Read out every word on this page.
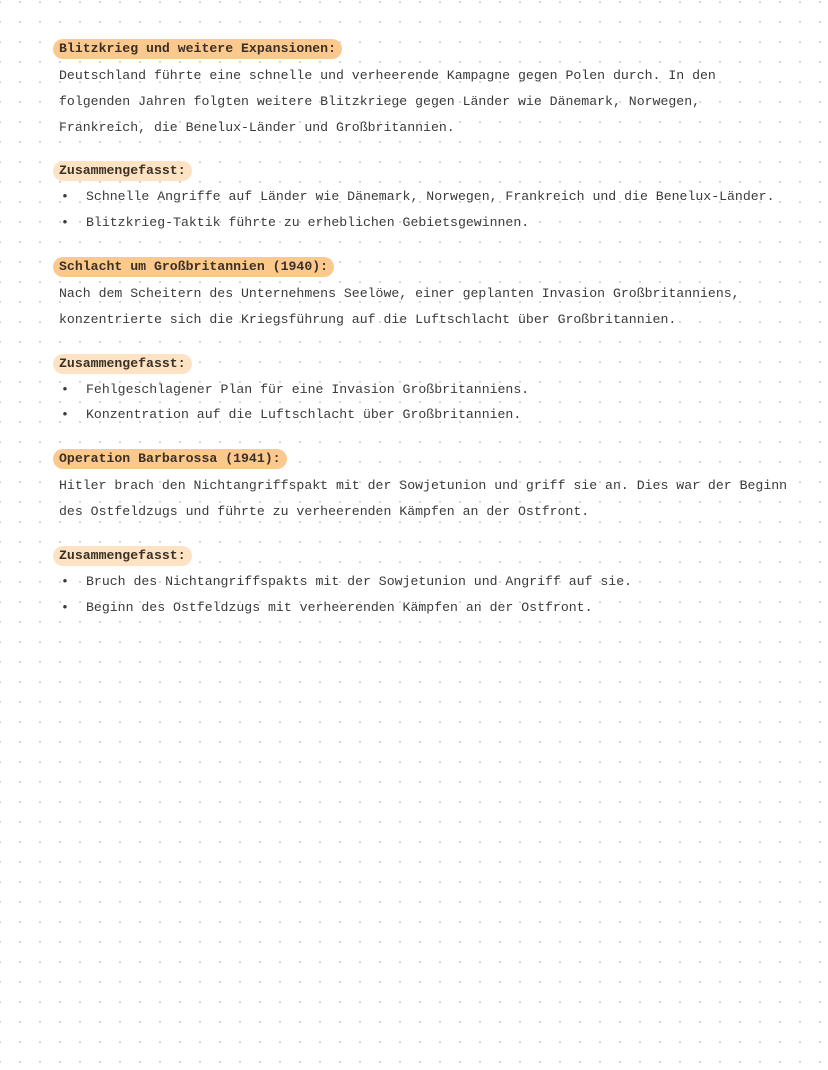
Blitzkrieg und weitere Expansionen:

Deutschland führte eine schnelle und verheerende Kampagne gegen Polen durch. In den folgenden Jahren folgten weitere Blitzkriege gegen Länder wie Dänemark, Norwegen, Frankreich, die Benelux-Länder und Großbritannien.

Zusammengefasst:
• Schnelle Angriffe auf Länder wie Dänemark, Norwegen, Frankreich und die Benelux-Länder.
• Blitzkrieg-Taktik führte zu erheblichen Gebietsgewinnen.
Schlacht um Großbritannien (1940):

Nach dem Scheitern des Unternehmens Seelöwe, einer geplanten Invasion Großbritanniens, konzentrierte sich die Kriegsführung auf die Luftschlacht über Großbritannien.

Zusammengefasst:
• Fehlgeschlagener Plan für eine Invasion Großbritanniens.
• Konzentration auf die Luftschlacht über Großbritannien.
Operation Barbarossa (1941):

Hitler brach den Nichtangriffspakt mit der Sowjetunion und griff sie an. Dies war der Beginn des Ostfeldzugs und führte zu verheerenden Kämpfen an der Ostfront.

Zusammengefasst:
• Bruch des Nichtangriffspakts mit der Sowjetunion und Angriff auf sie.
• Beginn des Ostfeldzugs mit verheerenden Kämpfen an der Ostfront.
